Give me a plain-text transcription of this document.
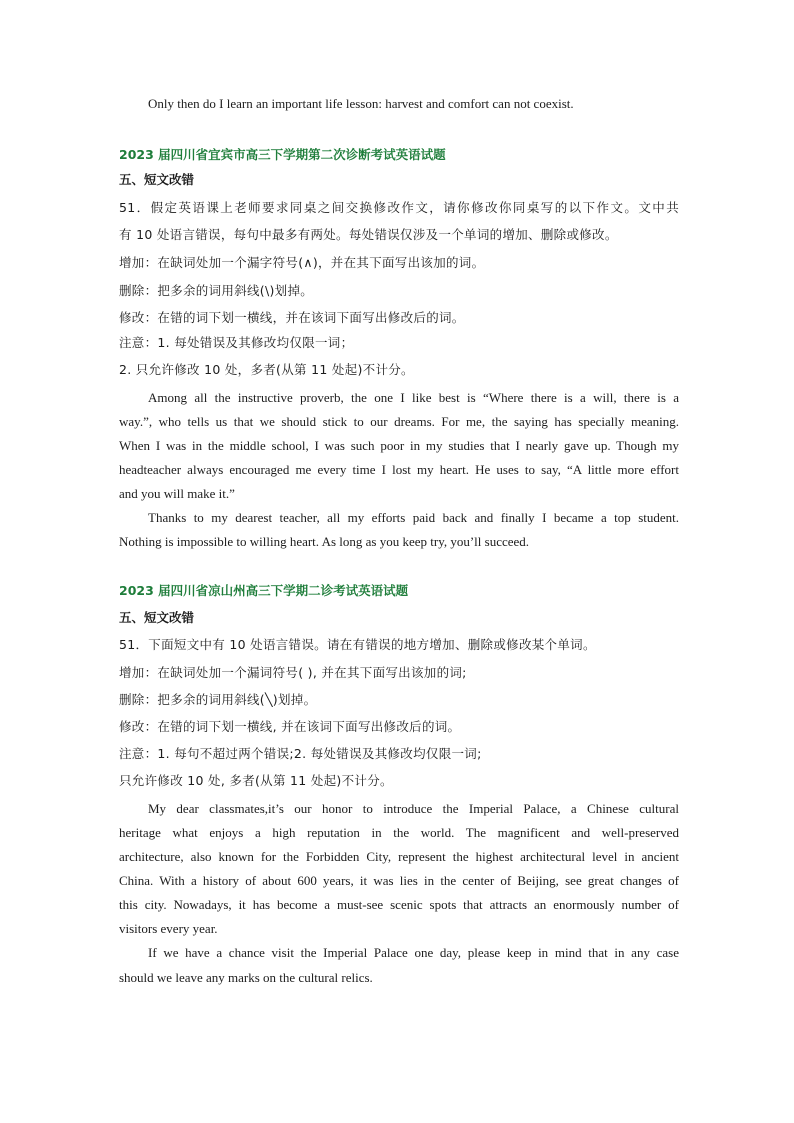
Only then do I learn an important life lesson: harvest and comfort can not coexist.

2023 届四川省宜宾市高三下学期第二次诊断考试英语试题

五、短文改错

51．假定英语课上老师要求同桌之间交换修改作文，请你修改你同桌写的以下作文。文中共

有 10 处语言错误，每句中最多有两处。每处错误仅涉及一个单词的增加、删除或修改。

增加：在缺词处加一个漏字符号(∧)，并在其下面写出该加的词。

删除：把多余的词用斜线(\)划掉。

修改：在错的词下划一横线，并在该词下面写出修改后的词。

注意：1. 每处错误及其修改均仅限一词；

2. 只允许修改 10 处，多者(从第 11 处起)不计分。

Among all the instructive proverb, the one I like best is “Where there is a will, there is a

way.”, who tells us that we should stick to our dreams. For me, the saying has specially meaning.

When I was in the middle school, I was such poor in my studies that I nearly gave up. Though my

headteacher always encouraged me every time I lost my heart. He uses to say, “A little more effort

and you will make it.”

Thanks to my dearest teacher, all my efforts paid back and finally I became a top student.

Nothing is impossible to willing heart. As long as you keep try, you’ll succeed.

2023 届四川省凉山州高三下学期二诊考试英语试题

五、短文改错

51．下面短文中有 10 处语言错误。请在有错误的地方增加、删除或修改某个单词。

增加：在缺词处加一个漏词符号( ), 并在其下面写出该加的词;

删除：把多余的词用斜线(╲)划掉。

修改：在错的词下划一横线, 并在该词下面写出修改后的词。

注意：1. 每句不超过两个错误;2. 每处错误及其修改均仅限一词;

只允许修改 10 处, 多者(从第 11 处起)不计分。

My dear classmates,it’s our honor to introduce the Imperial Palace, a Chinese cultural

heritage what enjoys a high reputation in the world. The magnificent and well-preserved

architecture, also known for the Forbidden City, represent the highest architectural level in ancient

China. With a history of about 600 years, it was lies in the center of Beijing, see great changes of

this city. Nowadays, it has become a must-see scenic spots that attracts an enormously number of

visitors every year.

If we have a chance visit the Imperial Palace one day, please keep in mind that in any case

should we leave any marks on the cultural relics.
